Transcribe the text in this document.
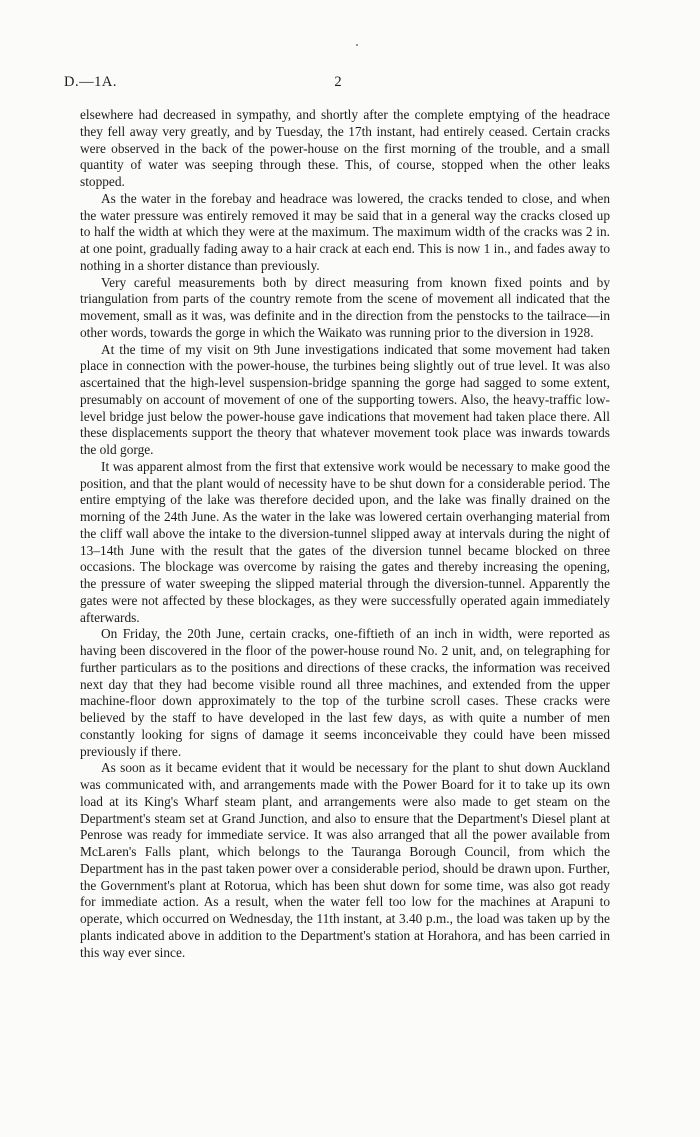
D.—1A.	2

elsewhere had decreased in sympathy, and shortly after the complete emptying of the headrace they fell away very greatly, and by Tuesday, the 17th instant, had entirely ceased. Certain cracks were observed in the back of the power-house on the first morning of the trouble, and a small quantity of water was seeping through these. This, of course, stopped when the other leaks stopped.

As the water in the forebay and headrace was lowered, the cracks tended to close, and when the water pressure was entirely removed it may be said that in a general way the cracks closed up to half the width at which they were at the maximum. The maximum width of the cracks was 2 in. at one point, gradually fading away to a hair crack at each end. This is now 1 in., and fades away to nothing in a shorter distance than previously.

Very careful measurements both by direct measuring from known fixed points and by triangulation from parts of the country remote from the scene of movement all indicated that the movement, small as it was, was definite and in the direction from the penstocks to the tailrace—in other words, towards the gorge in which the Waikato was running prior to the diversion in 1928.

At the time of my visit on 9th June investigations indicated that some movement had taken place in connection with the power-house, the turbines being slightly out of true level. It was also ascertained that the high-level suspension-bridge spanning the gorge had sagged to some extent, presumably on account of movement of one of the supporting towers. Also, the heavy-traffic low-level bridge just below the power-house gave indications that movement had taken place there. All these displacements support the theory that whatever movement took place was inwards towards the old gorge.

It was apparent almost from the first that extensive work would be necessary to make good the position, and that the plant would of necessity have to be shut down for a considerable period. The entire emptying of the lake was therefore decided upon, and the lake was finally drained on the morning of the 24th June. As the water in the lake was lowered certain overhanging material from the cliff wall above the intake to the diversion-tunnel slipped away at intervals during the night of 13–14th June with the result that the gates of the diversion tunnel became blocked on three occasions. The blockage was overcome by raising the gates and thereby increasing the opening, the pressure of water sweeping the slipped material through the diversion-tunnel. Apparently the gates were not affected by these blockages, as they were successfully operated again immediately afterwards.

On Friday, the 20th June, certain cracks, one-fiftieth of an inch in width, were reported as having been discovered in the floor of the power-house round No. 2 unit, and, on telegraphing for further particulars as to the positions and directions of these cracks, the information was received next day that they had become visible round all three machines, and extended from the upper machine-floor down approximately to the top of the turbine scroll cases. These cracks were believed by the staff to have developed in the last few days, as with quite a number of men constantly looking for signs of damage it seems inconceivable they could have been missed previously if there.

As soon as it became evident that it would be necessary for the plant to shut down Auckland was communicated with, and arrangements made with the Power Board for it to take up its own load at its King's Wharf steam plant, and arrangements were also made to get steam on the Department's steam set at Grand Junction, and also to ensure that the Department's Diesel plant at Penrose was ready for immediate service. It was also arranged that all the power available from McLaren's Falls plant, which belongs to the Tauranga Borough Council, from which the Department has in the past taken power over a considerable period, should be drawn upon. Further, the Government's plant at Rotorua, which has been shut down for some time, was also got ready for immediate action. As a result, when the water fell too low for the machines at Arapuni to operate, which occurred on Wednesday, the 11th instant, at 3.40 p.m., the load was taken up by the plants indicated above in addition to the Department's station at Horahora, and has been carried in this way ever since.
